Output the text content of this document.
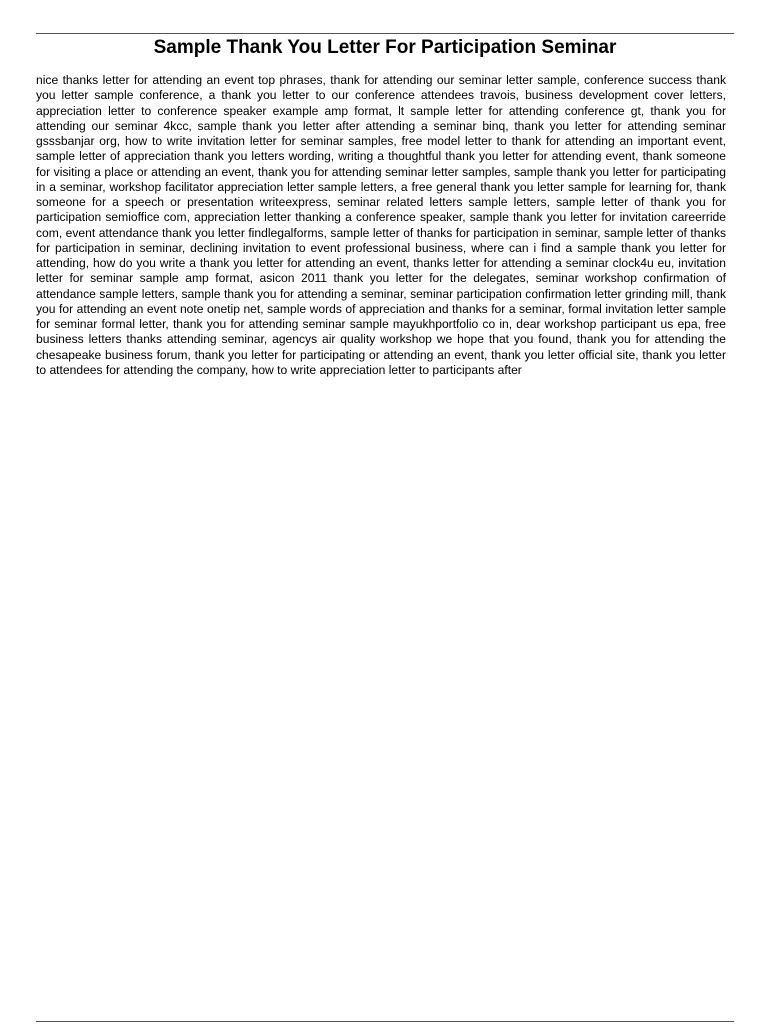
Sample Thank You Letter For Participation Seminar

nice thanks letter for attending an event top phrases, thank for attending our seminar letter sample, conference success thank you letter sample conference, a thank you letter to our conference attendees travois, business development cover letters, appreciation letter to conference speaker example amp format, lt sample letter for attending conference gt, thank you for attending our seminar 4kcc, sample thank you letter after attending a seminar binq, thank you letter for attending seminar gsssbanjar org, how to write invitation letter for seminar samples, free model letter to thank for attending an important event, sample letter of appreciation thank you letters wording, writing a thoughtful thank you letter for attending event, thank someone for visiting a place or attending an event, thank you for attending seminar letter samples, sample thank you letter for participating in a seminar, workshop facilitator appreciation letter sample letters, a free general thank you letter sample for learning for, thank someone for a speech or presentation writeexpress, seminar related letters sample letters, sample letter of thank you for participation semioffice com, appreciation letter thanking a conference speaker, sample thank you letter for invitation careerride com, event attendance thank you letter findlegalforms, sample letter of thanks for participation in seminar, sample letter of thanks for participation in seminar, declining invitation to event professional business, where can i find a sample thank you letter for attending, how do you write a thank you letter for attending an event, thanks letter for attending a seminar clock4u eu, invitation letter for seminar sample amp format, asicon 2011 thank you letter for the delegates, seminar workshop confirmation of attendance sample letters, sample thank you for attending a seminar, seminar participation confirmation letter grinding mill, thank you for attending an event note onetip net, sample words of appreciation and thanks for a seminar, formal invitation letter sample for seminar formal letter, thank you for attending seminar sample mayukhportfolio co in, dear workshop participant us epa, free business letters thanks attending seminar, agencys air quality workshop we hope that you found, thank you for attending the chesapeake business forum, thank you letter for participating or attending an event, thank you letter official site, thank you letter to attendees for attending the company, how to write appreciation letter to participants after
